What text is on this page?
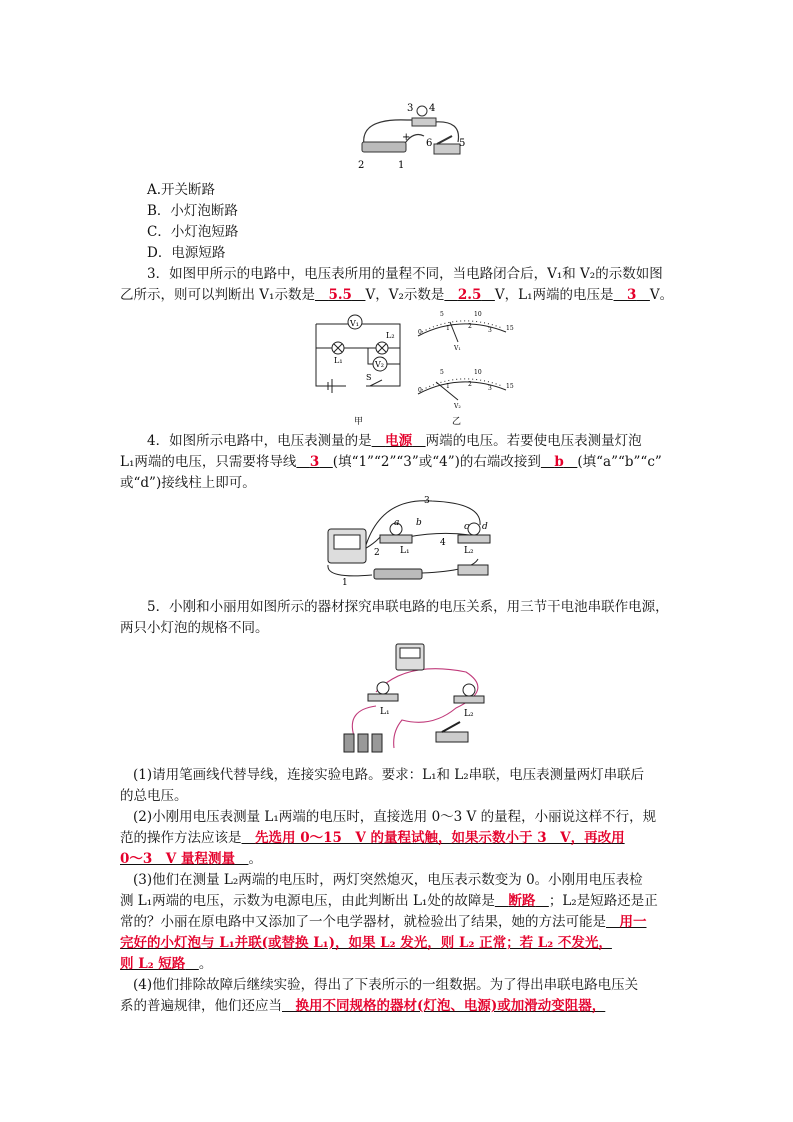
3 4
+
5
6
2	1
A.开关断路
B．小灯泡断路
C．小灯泡短路
D．电源短路
3．如图甲所示的电路中，电压表所用的量程不同，当电路闭合后，V₁和 V₂的示数如图
乙所示，则可以判断出 V₁示数是　 5.5　 V，V₂示数是　 2.5　 V，L₁两端的电压是　 3　 V。
V₁
L₂
L₁	V₂
S
甲	乙
V₁
0
5	10
15
1	2
3
V₂
0
5	10
15
1	2
3
4．如图所示电路中，电压表测量的是　 电源　 两端的电压。若要使电压表测量灯泡
L₁两端的电压，只需要将导线　 3　 (填“1”“2”“3”或“4”)的右端改接到　 b　 (填“a”“b”“c”
或“d”)接线柱上即可。
3
a b	c d
L₁
4
L₂
2
1
5．小刚和小丽用如图所示的器材探究串联电路的电压关系，用三节干电池串联作电源，
两只小灯泡的规格不同。
L₁	L₂
(1)请用笔画线代替导线，连接实验电路。要求：L₁和 L₂串联，电压表测量两灯串联后
的总电压。
(2)小刚用电压表测量 L₁两端的电压时，直接选用 0～3 V 的量程，小丽说这样不行，规
范的操作方法应该是　 先选用 0～15　V 的量程试触，如果示数小于 3　V，再改用
0～3　V 量程测量　 。
(3)他们在测量 L₂两端的电压时，两灯突然熄灭，电压表示数变为 0。小刚用电压表检
测 L₁两端的电压，示数为电源电压，由此判断出 L₁处的故障是　 断路　 ；L₂是短路还是正
常的？小丽在原电路中又添加了一个电学器材，就检验出了结果，她的方法可能是　 用一
完好的小灯泡与 L₁并联(或替换 L₁)，如果 L₂ 发光，则 L₂ 正常；若 L₂ 不发光，
则 L₂ 短路　 。
(4)他们排除故障后继续实验，得出了下表所示的一组数据。为了得出串联电路电压关
系的普遍规律，他们还应当　 换用不同规格的器材(灯泡、电源)或加滑动变阻器，
